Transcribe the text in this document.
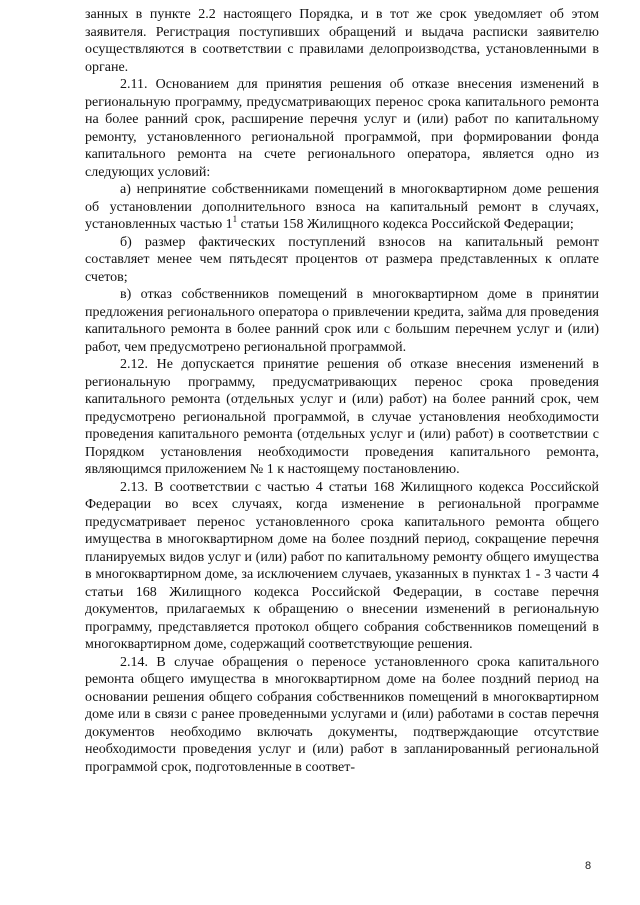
занных в пункте 2.2 настоящего Порядка, и в тот же срок уведомляет об этом заявителя. Регистрация поступивших обращений и выдача расписки заявителю осуществляются в соответствии с правилами делопроизводства, установленными в органе.

2.11. Основанием для принятия решения об отказе внесения изменений в региональную программу, предусматривающих перенос срока капитального ремонта на более ранний срок, расширение перечня услуг и (или) работ по капитальному ремонту, установленного региональной программой, при формировании фонда капитального ремонта на счете регионального оператора, является одно из следующих условий:

а) непринятие собственниками помещений в многоквартирном доме решения об установлении дополнительного взноса на капитальный ремонт в случаях, установленных частью $1^1$ статьи 158 Жилищного кодекса Российской Федерации;

б) размер фактических поступлений взносов на капитальный ремонт составляет менее чем пятьдесят процентов от размера представленных к оплате счетов;

в) отказ собственников помещений в многоквартирном доме в принятии предложения регионального оператора о привлечении кредита, займа для проведения капитального ремонта в более ранний срок или с большим перечнем услуг и (или) работ, чем предусмотрено региональной программой.

2.12. Не допускается принятие решения об отказе внесения изменений в региональную программу, предусматривающих перенос срока проведения капитального ремонта (отдельных услуг и (или) работ) на более ранний срок, чем предусмотрено региональной программой, в случае установления необходимости проведения капитального ремонта (отдельных услуг и (или) работ) в соответствии с Порядком установления необходимости проведения капитального ремонта, являющимся приложением № 1 к настоящему постановлению.

2.13. В соответствии с частью 4 статьи 168 Жилищного кодекса Российской Федерации во всех случаях, когда изменение в региональной программе предусматривает перенос установленного срока капитального ремонта общего имущества в многоквартирном доме на более поздний период, сокращение перечня планируемых видов услуг и (или) работ по капитальному ремонту общего имущества в многоквартирном доме, за исключением случаев, указанных в пунктах 1 - 3 части 4 статьи 168 Жилищного кодекса Российской Федерации, в составе перечня документов, прилагаемых к обращению о внесении изменений в региональную программу, представляется протокол общего собрания собственников помещений в многоквартирном доме, содержащий соответствующие решения.

2.14. В случае обращения о переносе установленного срока капитального ремонта общего имущества в многоквартирном доме на более поздний период на основании решения общего собрания собственников помещений в многоквартирном доме или в связи с ранее проведенными услугами и (или) работами в состав перечня документов необходимо включать документы, подтверждающие отсутствие необходимости проведения услуг и (или) работ в запланированный региональной программой срок, подготовленные в соответ-

8
